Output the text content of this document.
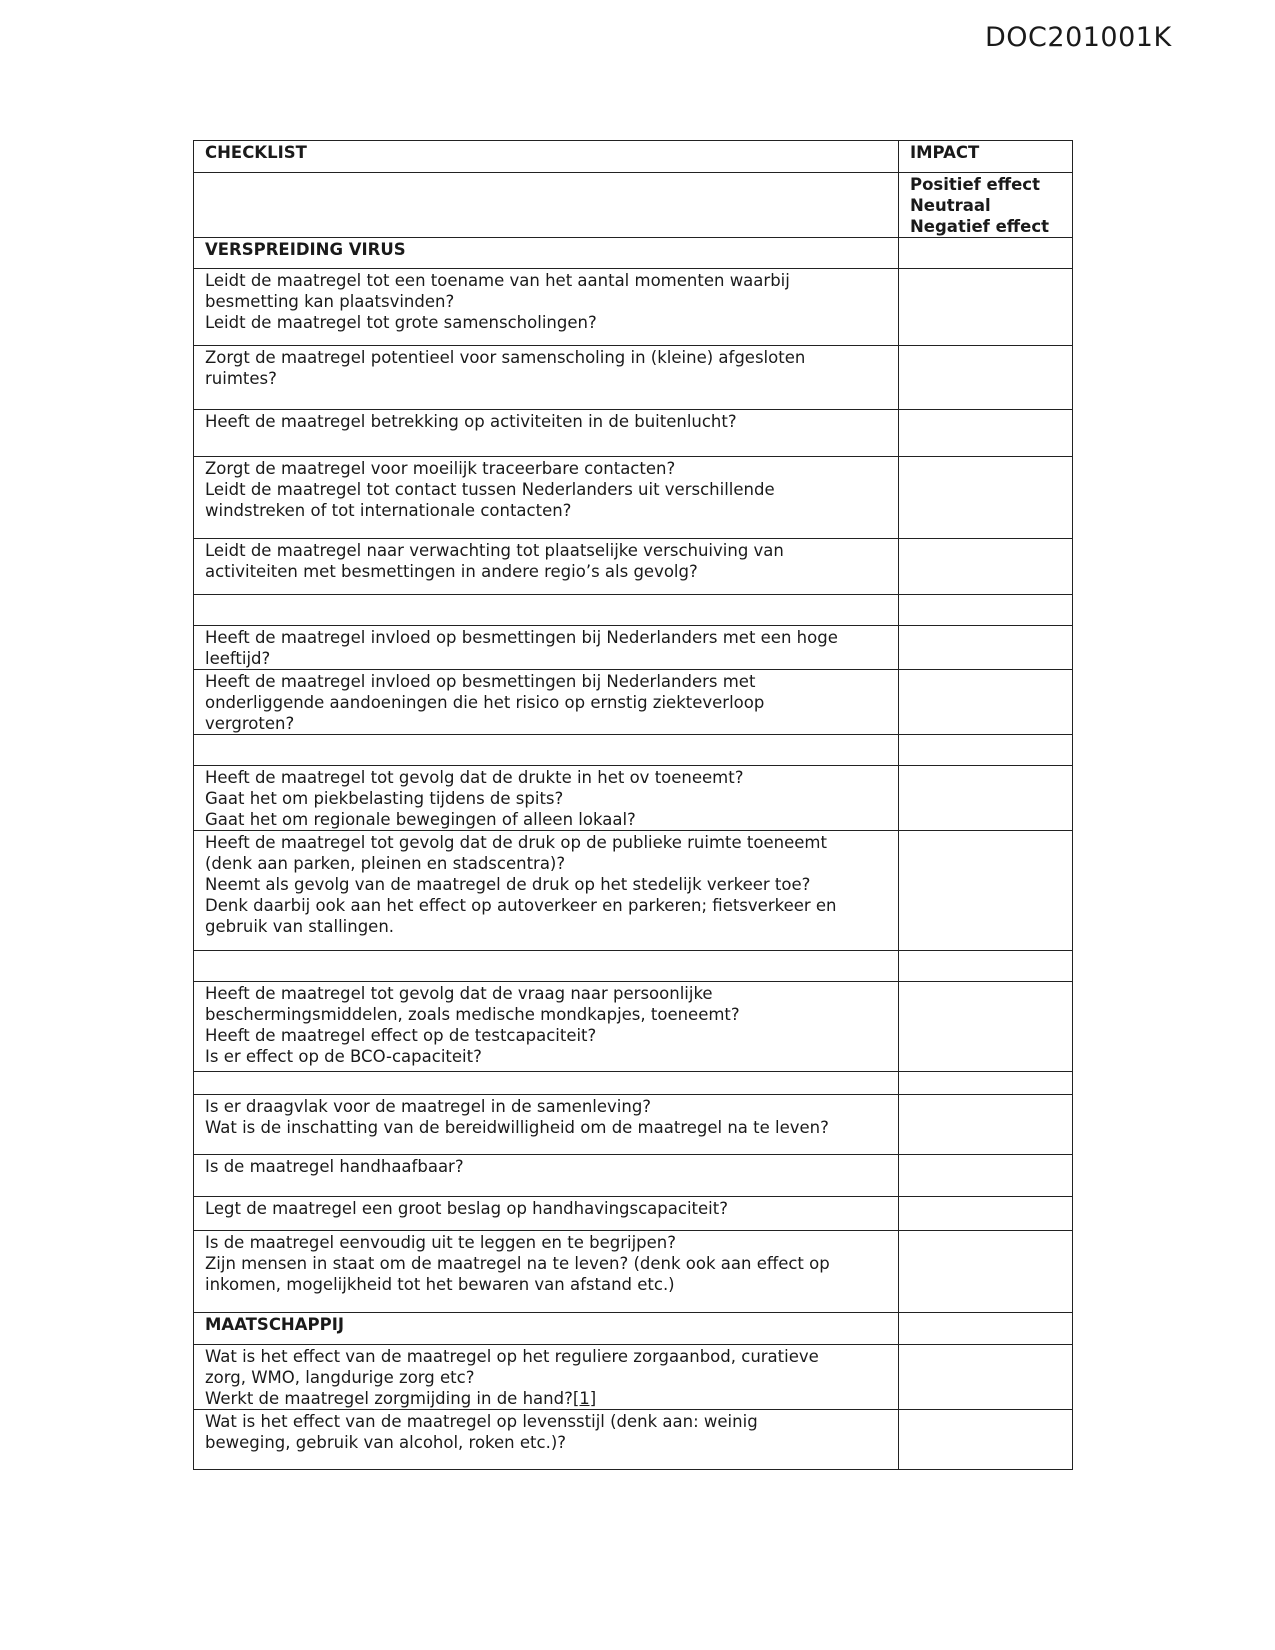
DOC201001K
CHECKLIST	IMPACT

	Positief effect
Neutraal
Negatief effect

VERSPREIDING VIRUS	

Leidt de maatregel tot een toename van het aantal momenten waarbij
besmetting kan plaatsvinden?
Leidt de maatregel tot grote samenscholingen?	

Zorgt de maatregel potentieel voor samenscholing in (kleine) afgesloten
ruimtes?	

Heeft de maatregel betrekking op activiteiten in de buitenlucht?	

Zorgt de maatregel voor moeilijk traceerbare contacten?
Leidt de maatregel tot contact tussen Nederlanders uit verschillende
windstreken of tot internationale contacten?	

Leidt de maatregel naar verwachting tot plaatselijke verschuiving van
activiteiten met besmettingen in andere regio’s als gevolg?	

Heeft de maatregel invloed op besmettingen bij Nederlanders met een hoge
leeftijd?	

Heeft de maatregel invloed op besmettingen bij Nederlanders met
onderliggende aandoeningen die het risico op ernstig ziekteverloop
vergroten?	

Heeft de maatregel tot gevolg dat de drukte in het ov toeneemt?
Gaat het om piekbelasting tijdens de spits?
Gaat het om regionale bewegingen of alleen lokaal?	

Heeft de maatregel tot gevolg dat de druk op de publieke ruimte toeneemt
(denk aan parken, pleinen en stadscentra)?
Neemt als gevolg van de maatregel de druk op het stedelijk verkeer toe?
Denk daarbij ook aan het effect op autoverkeer en parkeren; fietsverkeer en
gebruik van stallingen.	

Heeft de maatregel tot gevolg dat de vraag naar persoonlijke
beschermingsmiddelen, zoals medische mondkapjes, toeneemt?
Heeft de maatregel effect op de testcapaciteit?
Is er effect op de BCO-capaciteit?	

Is er draagvlak voor de maatregel in de samenleving?
Wat is de inschatting van de bereidwilligheid om de maatregel na te leven?	

Is de maatregel handhaafbaar?	

Legt de maatregel een groot beslag op handhavingscapaciteit?	

Is de maatregel eenvoudig uit te leggen en te begrijpen?
Zijn mensen in staat om de maatregel na te leven? (denk ook aan effect op
inkomen, mogelijkheid tot het bewaren van afstand etc.)	

MAATSCHAPPIJ	

Wat is het effect van de maatregel op het reguliere zorgaanbod, curatieve
zorg, WMO, langdurige zorg etc?
Werkt de maatregel zorgmijding in de hand?[1]	

Wat is het effect van de maatregel op levensstijl (denk aan: weinig
beweging, gebruik van alcohol, roken etc.)?	
